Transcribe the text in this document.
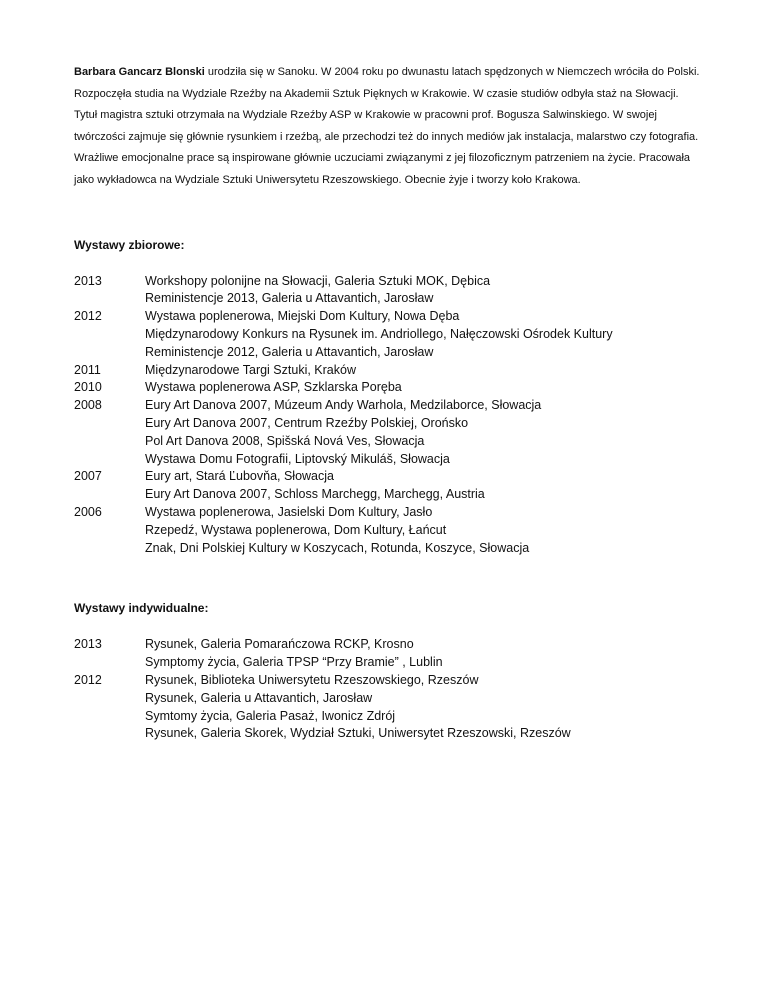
Barbara Gancarz Blonski urodziła się w Sanoku. W 2004 roku po dwunastu latach spędzonych w Niemczech wróciła do Polski. Rozpoczęła studia na Wydziale Rzeźby na Akademii Sztuk Pięknych w Krakowie. W czasie studiów odbyła staż na Słowacji. Tytuł magistra sztuki otrzymała na Wydziale Rzeźby ASP w Krakowie w pracowni prof. Bogusza Salwinskiego. W swojej twórczości zajmuje się głównie rysunkiem i rzeźbą, ale przechodzi też do innych mediów jak instalacja, malarstwo czy fotografia. Wrażliwe emocjonalne prace są inspirowane głównie uczuciami związanymi z jej filozoficznym patrzeniem na życie. Pracowała jako wykładowca na Wydziale Sztuki Uniwersytetu Rzeszowskiego. Obecnie żyje i tworzy koło Krakowa.

Wystawy zbiorowe:
2013	Workshopy polonijne na Słowacji, Galeria Sztuki MOK, Dębica
Reministencje 2013, Galeria u Attavantich, Jarosław
2012	Wystawa poplenerowa, Miejski Dom Kultury, Nowa Dęba
Międzynarodowy Konkurs na Rysunek im. Andriollego, Nałęczowski Ośrodek Kultury
Reministencje 2012, Galeria u Attavantich, Jarosław
2011	Międzynarodowe Targi Sztuki, Kraków
2010	Wystawa poplenerowa ASP, Szklarska Poręba
2008	Eury Art Danova 2007, Múzeum Andy Warhola, Medzilaborce, Słowacja
Eury Art Danova 2007, Centrum Rzeźby Polskiej, Orońsko
Pol Art Danova 2008, Spišská Nová Ves, Słowacja
Wystawa Domu Fotografii, Liptovský Mikuláš, Słowacja
2007	Eury art, Stará Ľubovňa, Słowacja
Eury Art Danova 2007, Schloss Marchegg, Marchegg, Austria
2006	Wystawa poplenerowa, Jasielski Dom Kultury, Jasło
Rzepedź, Wystawa poplenerowa, Dom Kultury, Łańcut
Znak, Dni Polskiej Kultury w Koszycach, Rotunda, Koszyce, Słowacja
Wystawy indywidualne:
2013	Rysunek, Galeria Pomarańczowa RCKP, Krosno
Symptomy życia, Galeria TPSP “Przy Bramie” , Lublin
2012	Rysunek, Biblioteka Uniwersytetu Rzeszowskiego, Rzeszów
Rysunek, Galeria u Attavantich, Jarosław
Symtomy życia, Galeria Pasaż, Iwonicz Zdrój
Rysunek, Galeria Skorek, Wydział Sztuki, Uniwersytet Rzeszowski, Rzeszów
